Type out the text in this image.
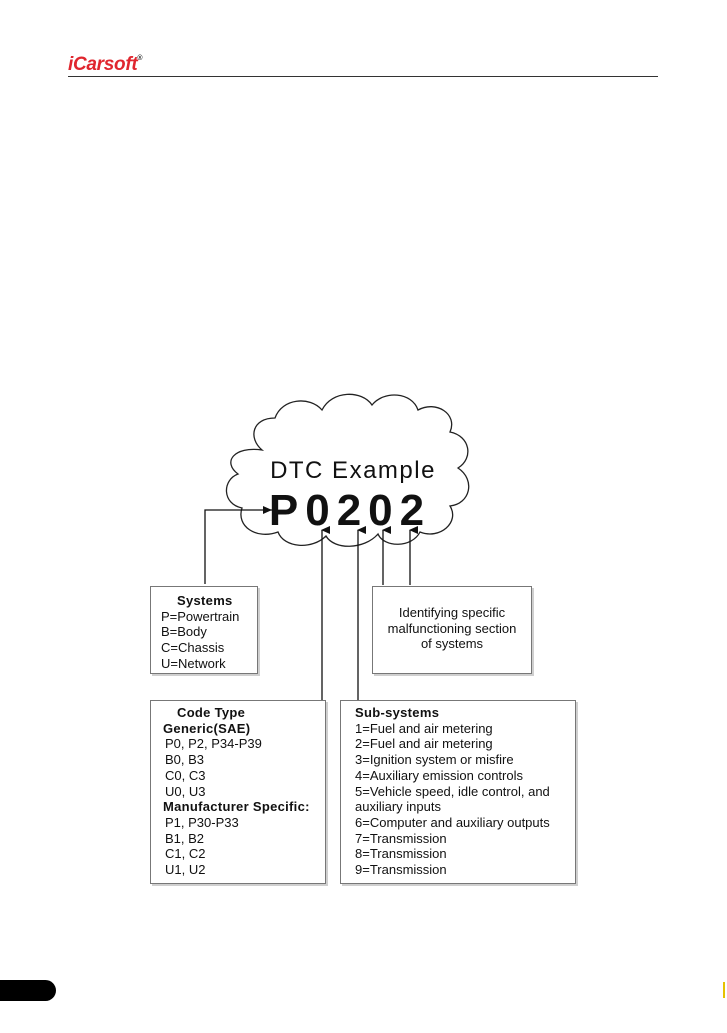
iCarsoft®
DTC Example
P0202
Systems
P=Powertrain
B=Body
C=Chassis
U=Network
Identifying specific
malfunctioning section
of systems
Code Type
Generic(SAE)
P0, P2, P34-P39
B0, B3
C0, C3
U0, U3
Manufacturer Specific:
P1, P30-P33
B1, B2
C1, C2
U1, U2
Sub-systems
1=Fuel and air metering
2=Fuel and air metering
3=Ignition system or misfire
4=Auxiliary emission controls
5=Vehicle speed, idle control, and
auxiliary inputs
6=Computer and auxiliary outputs
7=Transmission
8=Transmission
9=Transmission
